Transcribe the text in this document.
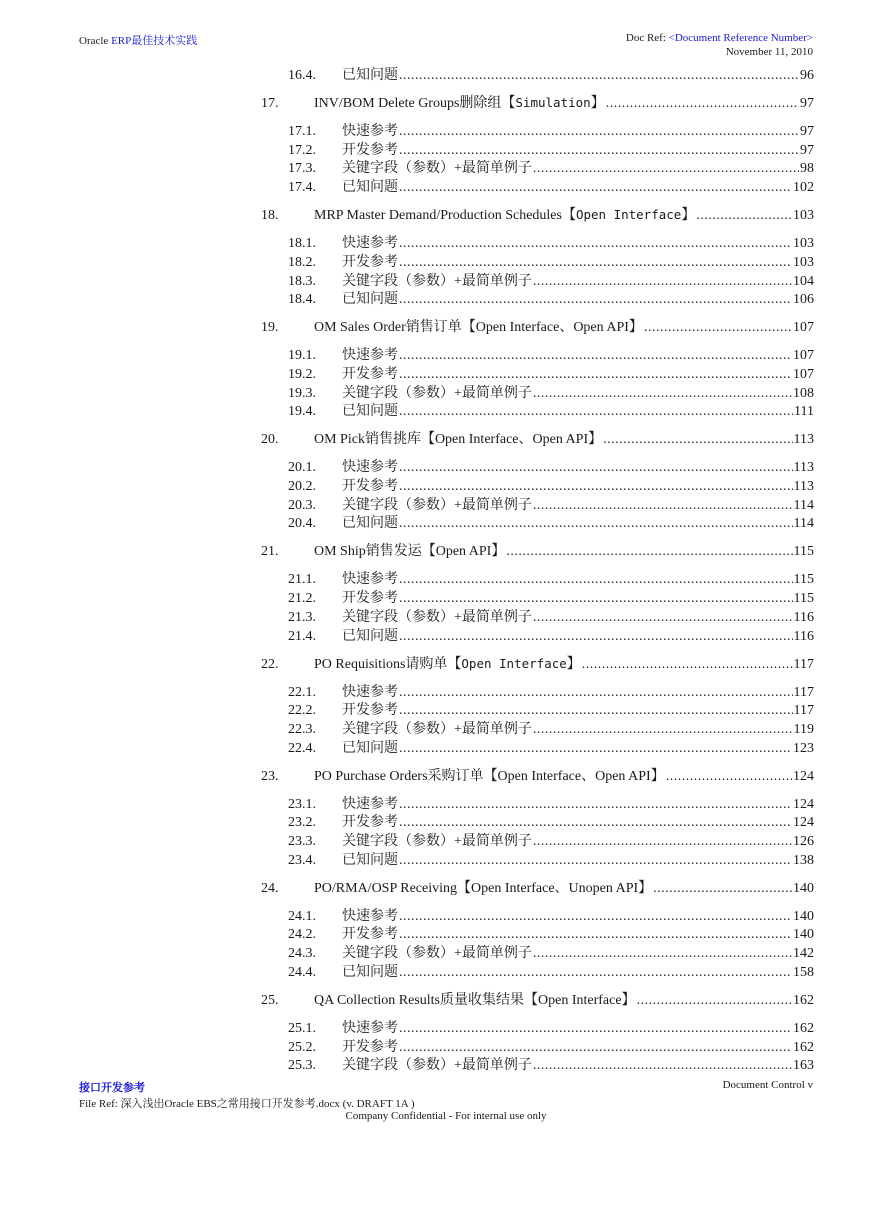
Oracle ERP最佳技术实践	Doc Ref: <Document Reference Number>
November 11, 2010
16.4.	已知问题 .....	96
17.	INV/BOM Delete Groups删除组【Simulation】 .....	97
17.1.	快速参考 .....	97
17.2.	开发参考 .....	97
17.3.	关键字段（参数）+最简单例子 .....	98
17.4.	已知问题 .....	102
18.	MRP Master Demand/Production Schedules【Open Interface】 .....	103
18.1.	快速参考 .....	103
18.2.	开发参考 .....	103
18.3.	关键字段（参数）+最简单例子 .....	104
18.4.	已知问题 .....	106
19.	OM Sales Order销售订单【Open Interface、Open API】 .....	107
19.1.	快速参考 .....	107
19.2.	开发参考 .....	107
19.3.	关键字段（参数）+最简单例子 .....	108
19.4.	已知问题 .....	111
20.	OM Pick销售挑库【Open Interface、Open API】 .....	113
20.1.	快速参考 .....	113
20.2.	开发参考 .....	113
20.3.	关键字段（参数）+最简单例子 .....	114
20.4.	已知问题 .....	114
21.	OM Ship销售发运【Open API】 .....	115
21.1.	快速参考 .....	115
21.2.	开发参考 .....	115
21.3.	关键字段（参数）+最简单例子 .....	116
21.4.	已知问题 .....	116
22.	PO Requisitions请购单【Open Interface】 .....	117
22.1.	快速参考 .....	117
22.2.	开发参考 .....	117
22.3.	关键字段（参数）+最简单例子 .....	119
22.4.	已知问题 .....	123
23.	PO Purchase Orders采购订单【Open Interface、Open API】 .....	124
23.1.	快速参考 .....	124
23.2.	开发参考 .....	124
23.3.	关键字段（参数）+最简单例子 .....	126
23.4.	已知问题 .....	138
24.	PO/RMA/OSP Receiving【Open Interface、Unopen API】 .....	140
24.1.	快速参考 .....	140
24.2.	开发参考 .....	140
24.3.	关键字段（参数）+最简单例子 .....	142
24.4.	已知问题 .....	158
25.	QA Collection Results质量收集结果【Open Interface】 .....	162
25.1.	快速参考 .....	162
25.2.	开发参考 .....	162
25.3.	关键字段（参数）+最简单例子 .....	163
接口开发参考	Document Control v
File Ref: 深入浅出Oracle EBS之常用接口开发参考.docx (v. DRAFT 1A )
Company Confidential - For internal use only
